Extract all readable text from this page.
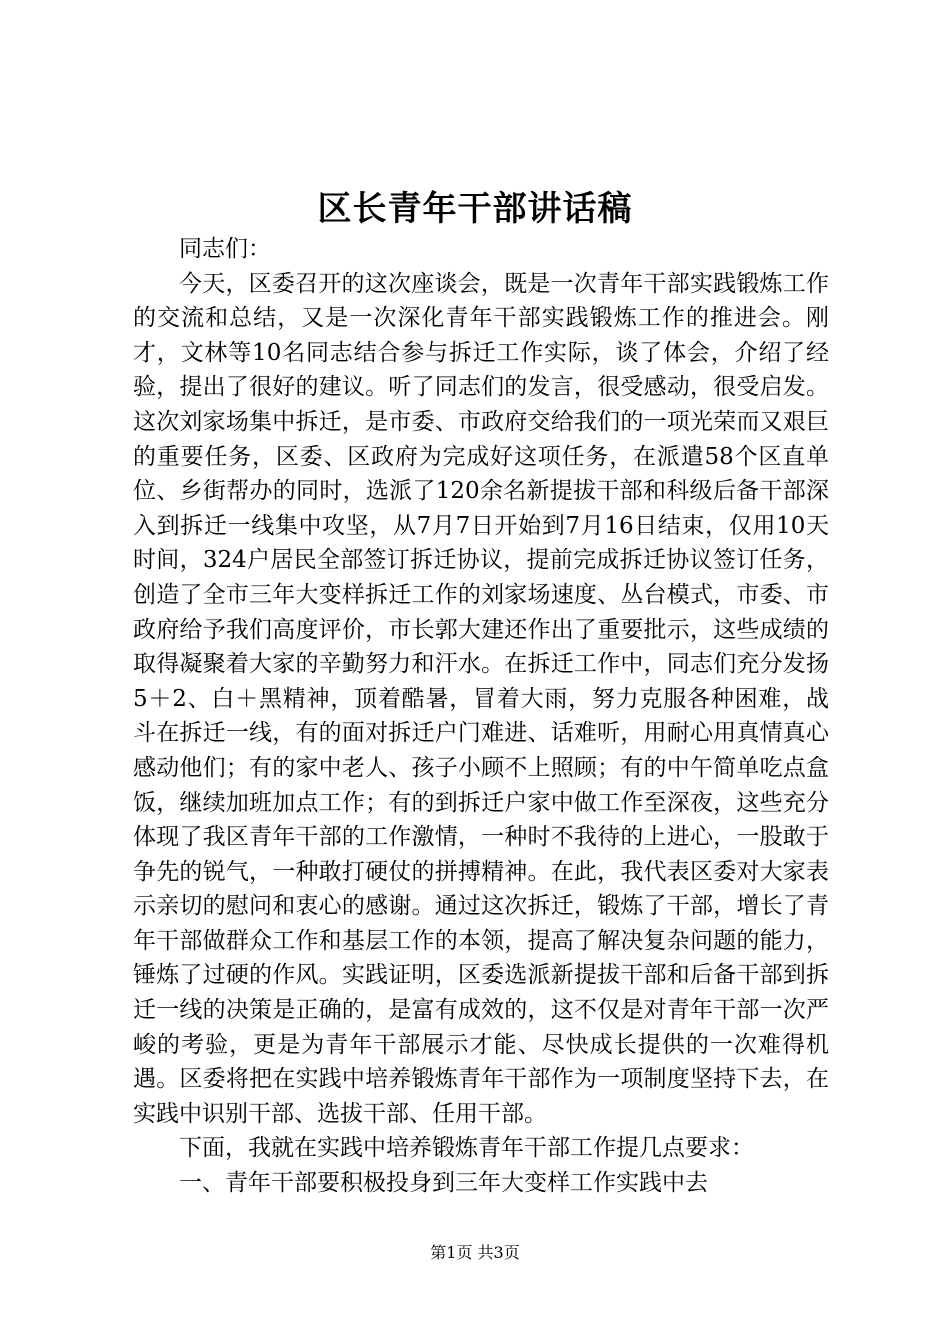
区长青年干部讲话稿

同志们：

今天，区委召开的这次座谈会，既是一次青年干部实践锻炼工作的交流和总结，又是一次深化青年干部实践锻炼工作的推进会。刚才，文林等10名同志结合参与拆迁工作实际，谈了体会，介绍了经验，提出了很好的建议。听了同志们的发言，很受感动，很受启发。这次刘家场集中拆迁，是市委、市政府交给我们的一项光荣而又艰巨的重要任务，区委、区政府为完成好这项任务，在派遣58个区直单位、乡街帮办的同时，选派了120余名新提拔干部和科级后备干部深入到拆迁一线集中攻坚，从7月7日开始到7月16日结束，仅用10天时间，324户居民全部签订拆迁协议，提前完成拆迁协议签订任务，创造了全市三年大变样拆迁工作的刘家场速度、丛台模式，市委、市政府给予我们高度评价，市长郭大建还作出了重要批示，这些成绩的取得凝聚着大家的辛勤努力和汗水。在拆迁工作中，同志们充分发扬5＋2、白＋黑精神，顶着酷暑，冒着大雨，努力克服各种困难，战斗在拆迁一线，有的面对拆迁户门难进、话难听，用耐心用真情真心感动他们；有的家中老人、孩子小顾不上照顾；有的中午简单吃点盒饭，继续加班加点工作；有的到拆迁户家中做工作至深夜，这些充分体现了我区青年干部的工作激情，一种时不我待的上进心，一股敢于争先的锐气，一种敢打硬仗的拼搏精神。在此，我代表区委对大家表示亲切的慰问和衷心的感谢。通过这次拆迁，锻炼了干部，增长了青年干部做群众工作和基层工作的本领，提高了解决复杂问题的能力，锤炼了过硬的作风。实践证明，区委选派新提拔干部和后备干部到拆迁一线的决策是正确的，是富有成效的，这不仅是对青年干部一次严峻的考验，更是为青年干部展示才能、尽快成长提供的一次难得机遇。区委将把在实践中培养锻炼青年干部作为一项制度坚持下去，在实践中识别干部、选拔干部、任用干部。

下面，我就在实践中培养锻炼青年干部工作提几点要求：

一、青年干部要积极投身到三年大变样工作实践中去

第1页 共3页
